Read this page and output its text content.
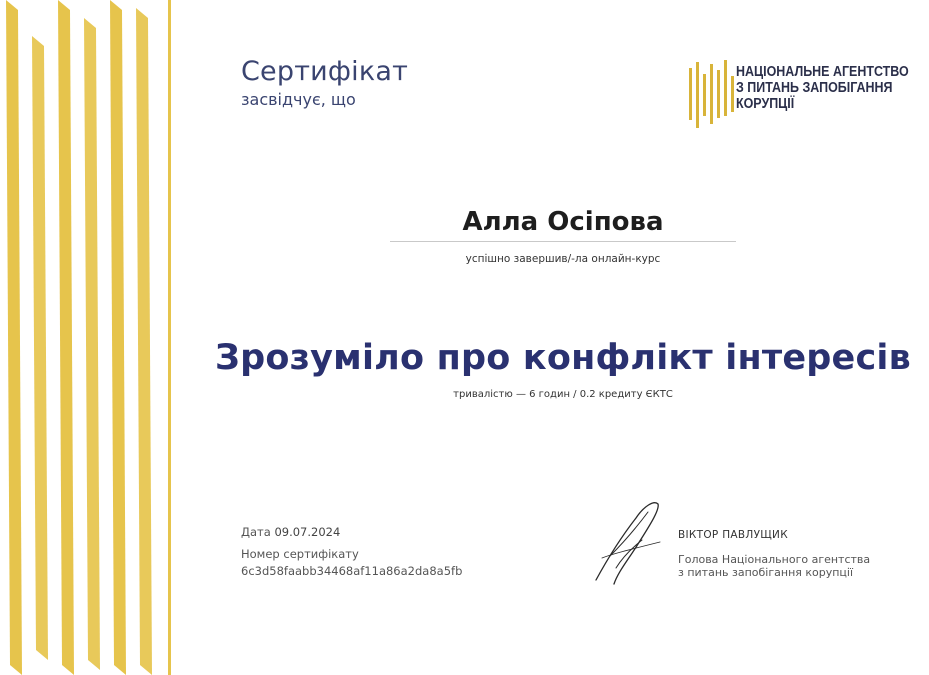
Сертифікат
засвідчує, що
НАЦІОНАЛЬНЕ АГЕНТСТВО
З ПИТАНЬ ЗАПОБІГАННЯ
КОРУПЦІЇ
Алла Осіпова
успішно завершив/-ла онлайн-курс
Зрозуміло про конфлікт інтересів
тривалістю — 6 годин / 0.2 кредиту ЄКТС
Дата 09.07.2024
Номер сертифікату
6c3d58faabb34468af11a86a2da8a5fb
ВІКТОР ПАВЛУЩИК
Голова Національного агентства
з питань запобігання корупції
